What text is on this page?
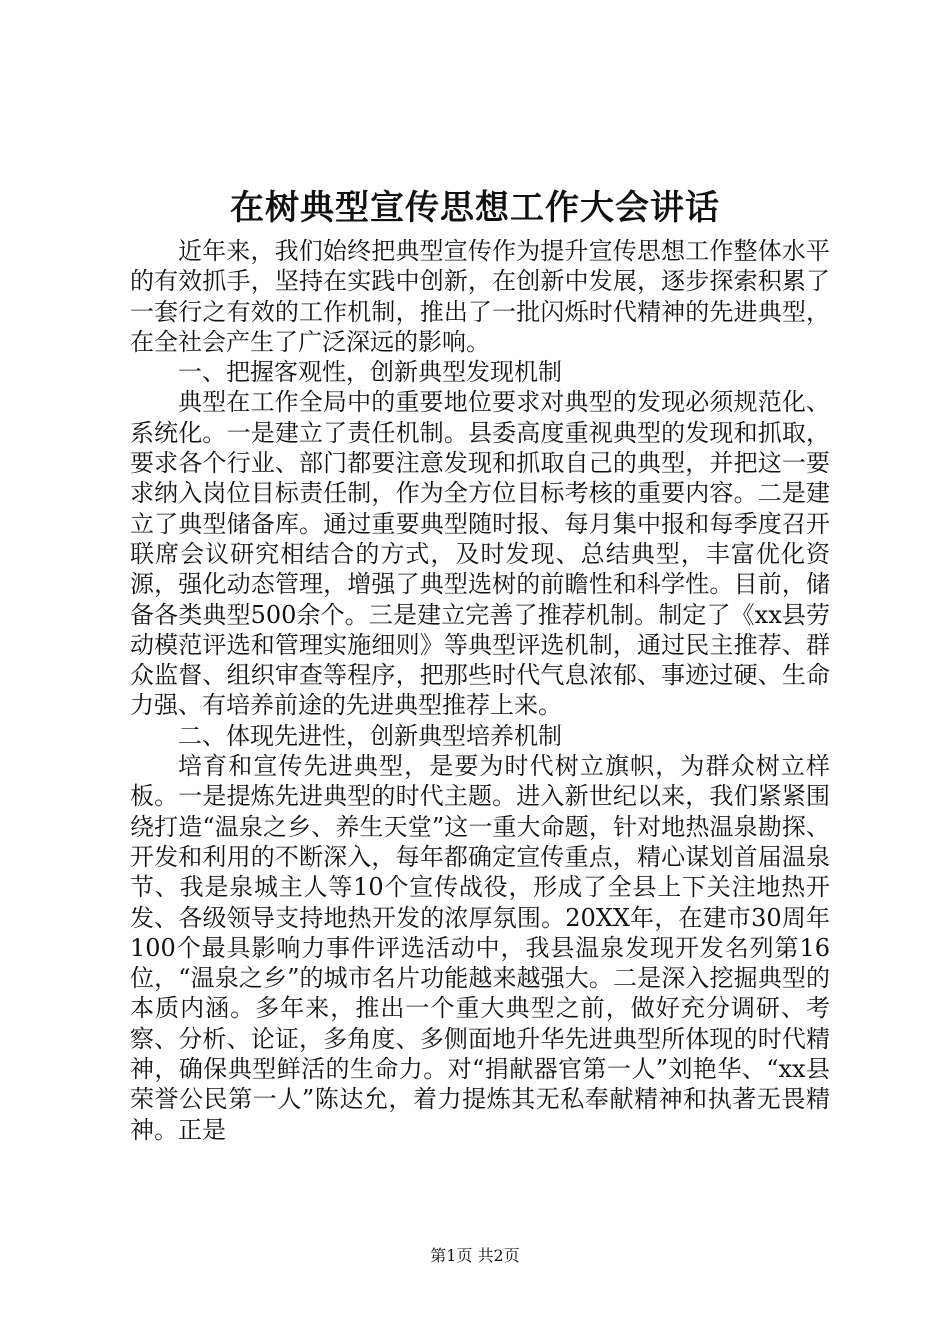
在树典型宣传思想工作大会讲话

近年来，我们始终把典型宣传作为提升宣传思想工作整体水平的有效抓手，坚持在实践中创新，在创新中发展，逐步探索积累了一套行之有效的工作机制，推出了一批闪烁时代精神的先进典型，在全社会产生了广泛深远的影响。

一、把握客观性，创新典型发现机制

典型在工作全局中的重要地位要求对典型的发现必须规范化、系统化。一是建立了责任机制。县委高度重视典型的发现和抓取，要求各个行业、部门都要注意发现和抓取自己的典型，并把这一要求纳入岗位目标责任制，作为全方位目标考核的重要内容。二是建立了典型储备库。通过重要典型随时报、每月集中报和每季度召开联席会议研究相结合的方式，及时发现、总结典型，丰富优化资源，强化动态管理，增强了典型选树的前瞻性和科学性。目前，储备各类典型500余个。三是建立完善了推荐机制。制定了《xx县劳动模范评选和管理实施细则》等典型评选机制，通过民主推荐、群众监督、组织审查等程序，把那些时代气息浓郁、事迹过硬、生命力强、有培养前途的先进典型推荐上来。

二、体现先进性，创新典型培养机制

培育和宣传先进典型，是要为时代树立旗帜，为群众树立样板。一是提炼先进典型的时代主题。进入新世纪以来，我们紧紧围绕打造“温泉之乡、养生天堂”这一重大命题，针对地热温泉勘探、开发和利用的不断深入，每年都确定宣传重点，精心谋划首届温泉节、我是泉城主人等10个宣传战役，形成了全县上下关注地热开发、各级领导支持地热开发的浓厚氛围。20XX年，在建市30周年100个最具影响力事件评选活动中，我县温泉发现开发名列第16位，“温泉之乡”的城市名片功能越来越强大。二是深入挖掘典型的本质内涵。多年来，推出一个重大典型之前，做好充分调研、考察、分析、论证，多角度、多侧面地升华先进典型所体现的时代精神，确保典型鲜活的生命力。对“捐献器官第一人”刘艳华、“xx县荣誉公民第一人”陈达允，着力提炼其无私奉献精神和执著无畏精神。正是

第1页 共2页
